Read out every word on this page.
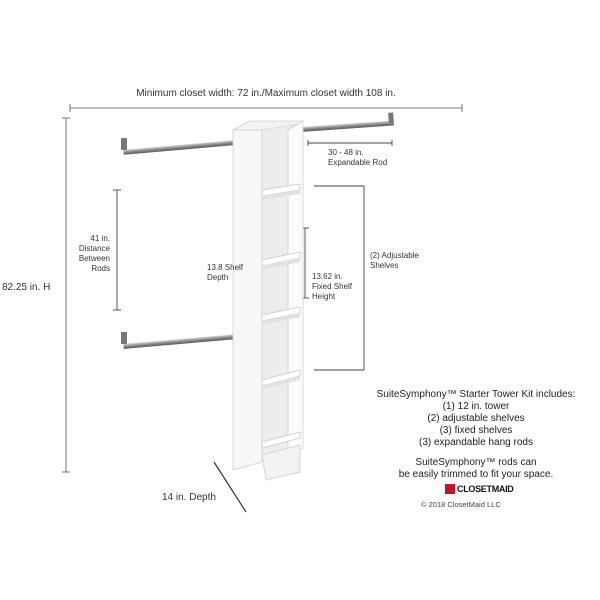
Minimum closet width: 72 in./Maximum closet width 108 in.
82.25 in. H
14 in. Depth
41 in.
Distance
Between
Rods
30 - 48 in.
Expandable Rod
13.8 Shelf
Depth	13.62 in.
Fixed Shelf
Height
(2) Adjustable
Shelves
SuiteSymphony™ Starter Tower Kit includes:
(1) 12 in. tower
(2) adjustable shelves
(3) fixed shelves
(3) expandable hang rods
SuiteSymphony™ rods can
be easily trimmed to fit your space.
CLOSETMAID
© 2018 ClosetMaid LLC
